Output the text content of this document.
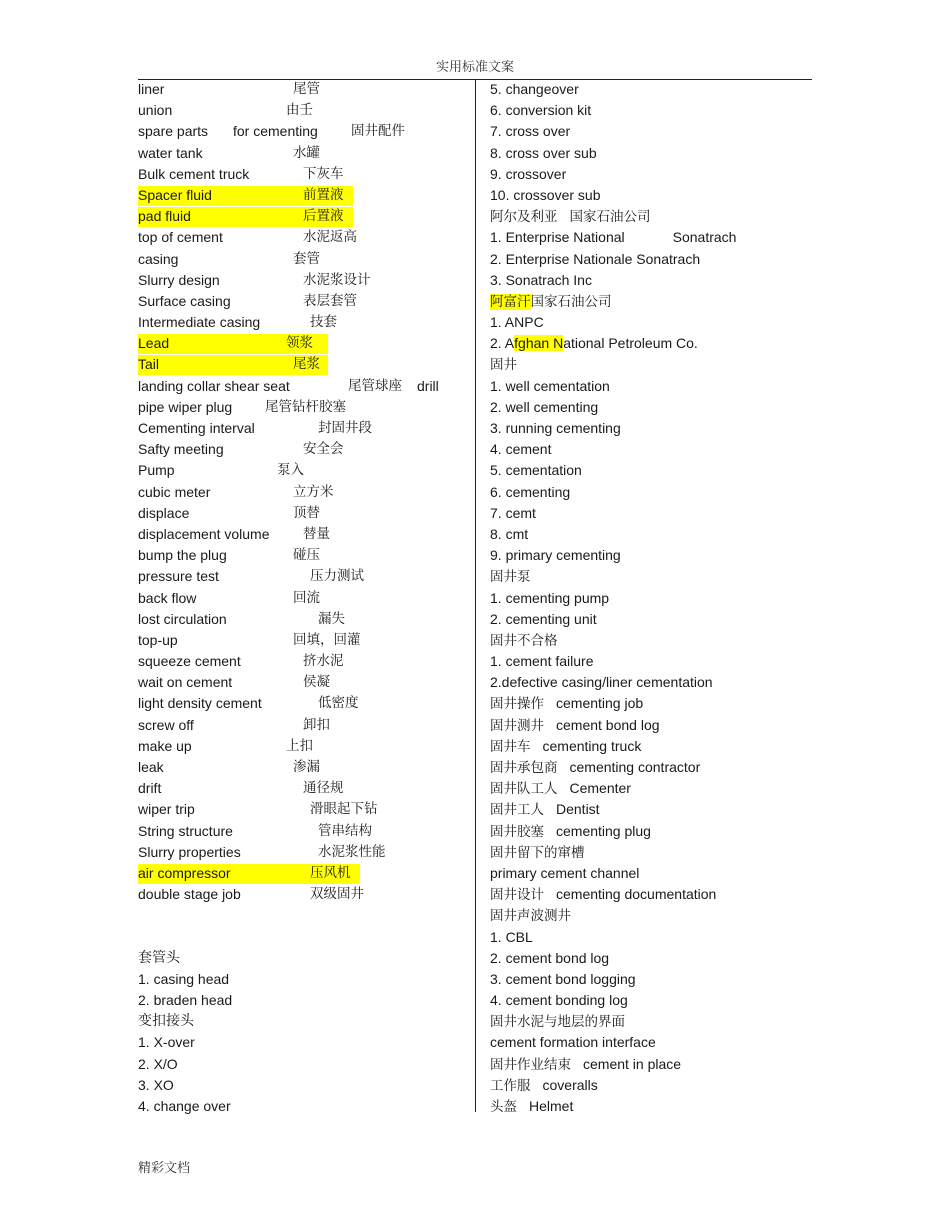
实用标准文案
liner	尾管
union	由壬
spare parts for cementing 固井配件
water tank	水罐
Bulk cement truck	下灰车
Spacer fluid	前置液
pad fluid	后置液
top of cement	水泥返高
casing	套管
Slurry design	水泥浆设计
Surface casing	表层套管
Intermediate casing	技套
Lead	领浆
Tail	尾浆
landing collar shear seat	尾管球座 drill
pipe wiper plug 尾管钻杆胶塞
Cementing interval	封固井段
Safty meeting	安全会
Pump	泵入
cubic meter	立方米
displace	顶替
displacement volume 替量
bump the plug	碰压
pressure test	压力测试
back flow	回流
lost circulation	漏失
top-up	回填，回灌
squeeze cement	挤水泥
wait on cement	侯凝
light density cement	低密度
screw off	卸扣
make up	上扣
leak	渗漏
drift	通径规
wiper trip	滑眼起下钻
String structure	管串结构
Slurry properties	水泥浆性能
air compressor	压风机
double stage job	双级固井
套管头
1. casing head
2. braden head
变扣接头
1. X-over
2. X/O
3. XO
4. change over
5. changeover
6. conversion kit
7. cross over
8. cross over sub
9. crossover
10. crossover sub
阿尔及利亚 国家石油公司
1. Enterprise National	Sonatrach
2. Enterprise Nationale Sonatrach
3. Sonatrach Inc
阿富汗国家石油公司
1. ANPC
2. Afghan National Petroleum Co.
固井
1. well cementation
2. well cementing
3. running cementing
4. cement
5. cementation
6. cementing
7. cemt
8. cmt
9. primary cementing
固井泵
1. cementing pump
2. cementing unit
固井不合格
1. cement failure
2.defective casing/liner cementation
固井操作 cementing job
固井测井 cement bond log
固井车 cementing truck
固井承包商 cementing contractor
固井队工人 Cementer
固井工人 Dentist
固井胶塞 cementing plug
固井留下的窜槽
primary cement channel
固井设计 cementing documentation
固井声波测井
1. CBL
2. cement bond log
3. cement bond logging
4. cement bonding log
固井水泥与地层的界面
cement formation interface
固井作业结束 cement in place
工作服 coveralls
头盔 Helmet
精彩文档
